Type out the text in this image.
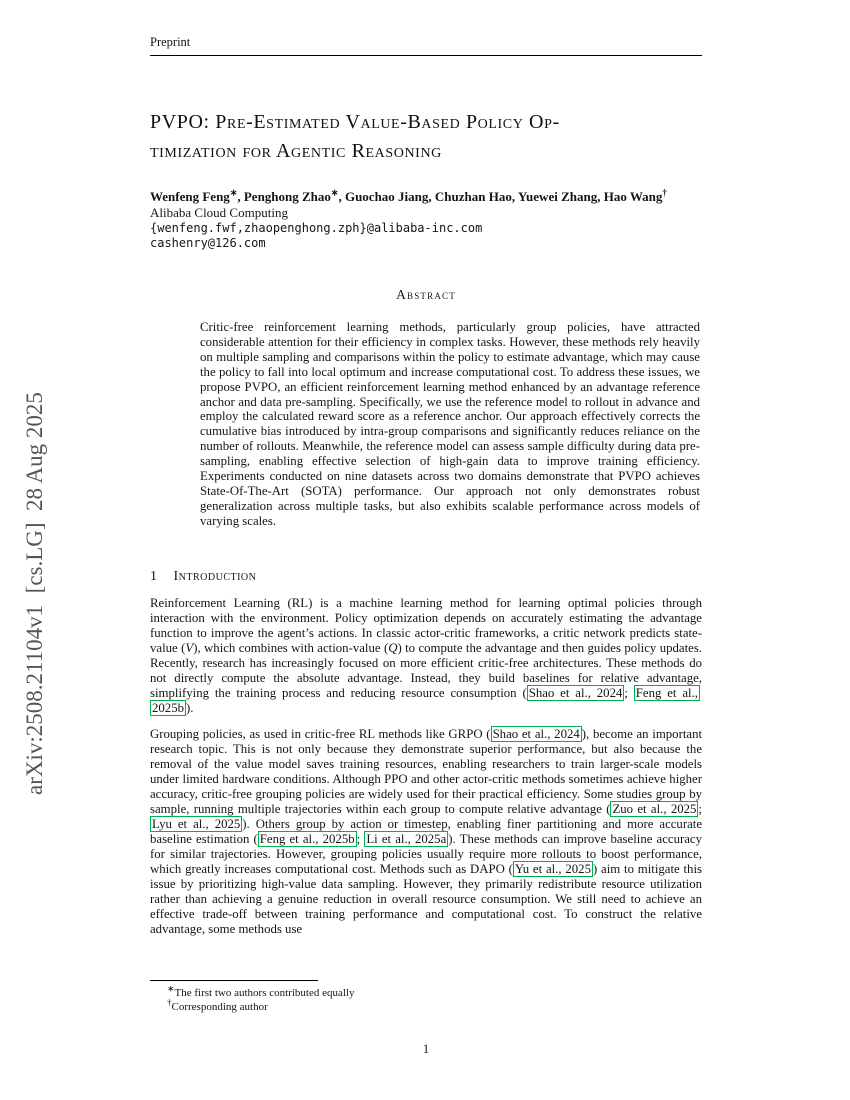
arXiv:2508.21104v1  [cs.LG]  28 Aug 2025
Preprint
PVPO: Pre-Estimated Value-Based Policy Op-
timization for Agentic Reasoning
Wenfeng Feng∗, Penghong Zhao∗, Guochao Jiang, Chuzhan Hao, Yuewei Zhang, Hao Wang†
Alibaba Cloud Computing
{wenfeng.fwf,zhaopenghong.zph}@alibaba-inc.com
cashenry@126.com
Abstract

Critic-free reinforcement learning methods, particularly group policies, have attracted considerable attention for their efficiency in complex tasks. However, these methods rely heavily on multiple sampling and comparisons within the policy to estimate advantage, which may cause the policy to fall into local optimum and increase computational cost. To address these issues, we propose PVPO, an efficient reinforcement learning method enhanced by an advantage reference anchor and data pre-sampling. Specifically, we use the reference model to rollout in advance and employ the calculated reward score as a reference anchor. Our approach effectively corrects the cumulative bias introduced by intra-group comparisons and significantly reduces reliance on the number of rollouts. Meanwhile, the reference model can assess sample difficulty during data pre-sampling, enabling effective selection of high-gain data to improve training efficiency. Experiments conducted on nine datasets across two domains demonstrate that PVPO achieves State-Of-The-Art (SOTA) performance. Our approach not only demonstrates robust generalization across multiple tasks, but also exhibits scalable performance across models of varying scales.

1 Introduction

Reinforcement Learning (RL) is a machine learning method for learning optimal policies through interaction with the environment. Policy optimization depends on accurately estimating the advantage function to improve the agent’s actions. In classic actor-critic frameworks, a critic network predicts state-value (V), which combines with action-value (Q) to compute the advantage and then guides policy updates. Recently, research has increasingly focused on more efficient critic-free architectures. These methods do not directly compute the absolute advantage. Instead, they build baselines for relative advantage, simplifying the training process and reducing resource consumption ( Shao et al., 2024 ; Feng et al., 2025b ).

Grouping policies, as used in critic-free RL methods like GRPO ( Shao et al., 2024 ), become an important research topic. This is not only because they demonstrate superior performance, but also because the removal of the value model saves training resources, enabling researchers to train larger-scale models under limited hardware conditions. Although PPO and other actor-critic methods sometimes achieve higher accuracy, critic-free grouping policies are widely used for their practical efficiency. Some studies group by sample, running multiple trajectories within each group to compute relative advantage ( Zuo et al., 2025 ; Lyu et al., 2025 ). Others group by action or timestep, enabling finer partitioning and more accurate baseline estimation ( Feng et al., 2025b ; Li et al., 2025a ). These methods can improve baseline accuracy for similar trajectories. However, grouping policies usually require more rollouts to boost performance, which greatly increases computational cost. Methods such as DAPO ( Yu et al., 2025 ) aim to mitigate this issue by prioritizing high-value data sampling. However, they primarily redistribute resource utilization rather than achieving a genuine reduction in overall resource consumption. We still need to achieve an effective trade-off between training performance and computational cost. To construct the relative advantage, some methods use

∗The first two authors contributed equally
†Corresponding author
1
